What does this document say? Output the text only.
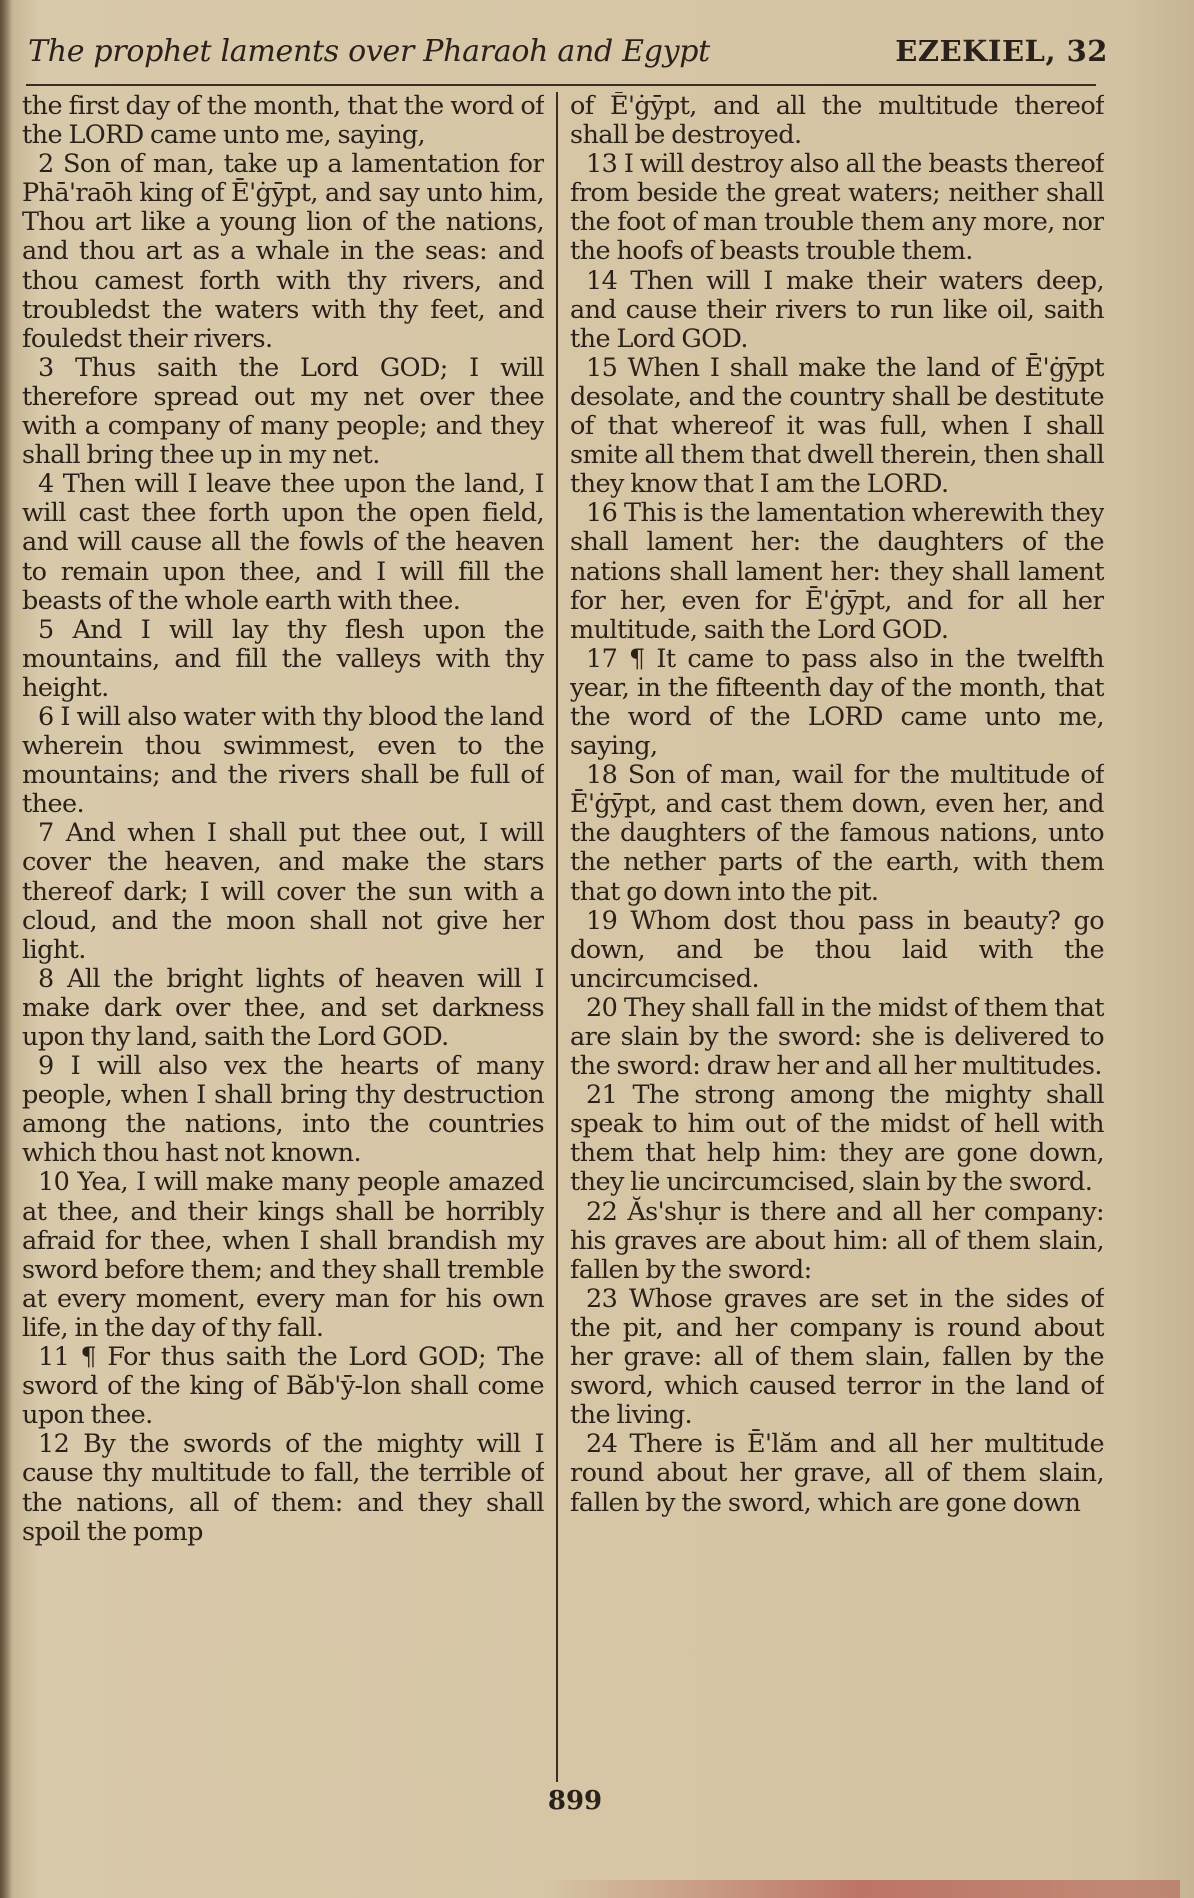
The prophet laments over Pharaoh and Egypt	EZEKIEL, 32

the first day of the month, that the word of the LORD came unto me, saying,

2 Son of man, take up a lamentation for Phā'raōh king of Ē'ġȳpt, and say unto him, Thou art like a young lion of the nations, and thou art as a whale in the seas: and thou camest forth with thy rivers, and troubledst the waters with thy feet, and fouledst their rivers.

3 Thus saith the Lord GOD; I will therefore spread out my net over thee with a company of many people; and they shall bring thee up in my net.

4 Then will I leave thee upon the land, I will cast thee forth upon the open field, and will cause all the fowls of the heaven to remain upon thee, and I will fill the beasts of the whole earth with thee.

5 And I will lay thy flesh upon the mountains, and fill the valleys with thy height.

6 I will also water with thy blood the land wherein thou swimmest, even to the mountains; and the rivers shall be full of thee.

7 And when I shall put thee out, I will cover the heaven, and make the stars thereof dark; I will cover the sun with a cloud, and the moon shall not give her light.

8 All the bright lights of heaven will I make dark over thee, and set darkness upon thy land, saith the Lord GOD.

9 I will also vex the hearts of many people, when I shall bring thy destruction among the nations, into the countries which thou hast not known.

10 Yea, I will make many people amazed at thee, and their kings shall be horribly afraid for thee, when I shall brandish my sword before them; and they shall tremble at every moment, every man for his own life, in the day of thy fall.

11 ¶ For thus saith the Lord GOD; The sword of the king of Băb'ȳ-lon shall come upon thee.

12 By the swords of the mighty will I cause thy multitude to fall, the terrible of the nations, all of them: and they shall spoil the pomp

of Ē'ġȳpt, and all the multitude thereof shall be destroyed.

13 I will destroy also all the beasts thereof from beside the great waters; neither shall the foot of man trouble them any more, nor the hoofs of beasts trouble them.

14 Then will I make their waters deep, and cause their rivers to run like oil, saith the Lord GOD.

15 When I shall make the land of Ē'ġȳpt desolate, and the country shall be destitute of that whereof it was full, when I shall smite all them that dwell therein, then shall they know that I am the LORD.

16 This is the lamentation wherewith they shall lament her: the daughters of the nations shall lament her: they shall lament for her, even for Ē'ġȳpt, and for all her multitude, saith the Lord GOD.

17 ¶ It came to pass also in the twelfth year, in the fifteenth day of the month, that the word of the LORD came unto me, saying,

18 Son of man, wail for the multitude of Ē'ġȳpt, and cast them down, even her, and the daughters of the famous nations, unto the nether parts of the earth, with them that go down into the pit.

19 Whom dost thou pass in beauty? go down, and be thou laid with the uncircumcised.

20 They shall fall in the midst of them that are slain by the sword: she is delivered to the sword: draw her and all her multitudes.

21 The strong among the mighty shall speak to him out of the midst of hell with them that help him: they are gone down, they lie uncircumcised, slain by the sword.

22 Ăs'shụr is there and all her company: his graves are about him: all of them slain, fallen by the sword:

23 Whose graves are set in the sides of the pit, and her company is round about her grave: all of them slain, fallen by the sword, which caused terror in the land of the living.

24 There is Ē'lăm and all her multitude round about her grave, all of them slain, fallen by the sword, which are gone down

899
